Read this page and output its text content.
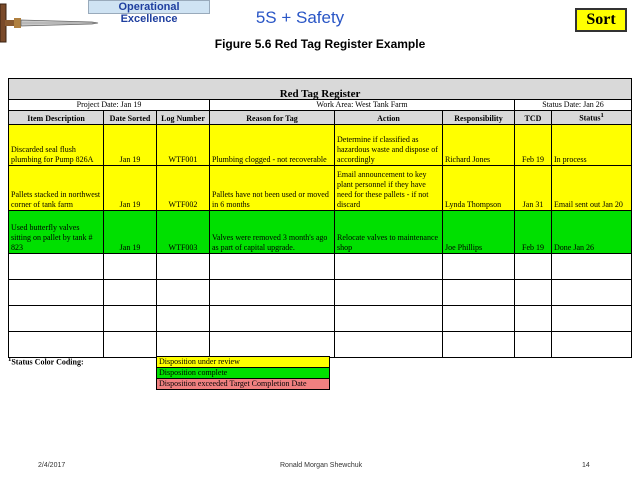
Operational Excellence	5S + Safety	Sort
Figure 5.6 Red Tag Register Example
Red Tag Register							
Project Date: Jan 19			Work Area: West Tank Farm			Status Date: Jan 26	
Item Description	Date Sorted	Log Number	Reason for Tag	Action	Responsibility	TCD	Status$^1$
Discarded seal flush plumbing for Pump 826A	Jan 19	WTF001	Plumbing clogged - not recoverable	Determine if classified as hazardous waste and dispose of accordingly	Richard Jones	Feb 19	In process
Pallets stacked in northwest corner of tank farm	Jan 19	WTF002	Pallets have not been used or moved in 6 months	Email announcement to key plant personnel if they have need for these pallets - if not discard	Lynda Thompson	Jan 31	Email sent out Jan 20
Used butterfly valves sitting on pallet by tank # 823	Jan 19	WTF003	Valves were removed 3 month's ago as part of capital upgrade.	Relocate valves to maintenance shop	Joe Phillips	Feb 19	Done Jan 26

$^1$Status Color Coding:	Disposition under review
Disposition complete
Disposition exceeded Target Completion Date
2/4/2017	Ronald Morgan Shewchuk	14
